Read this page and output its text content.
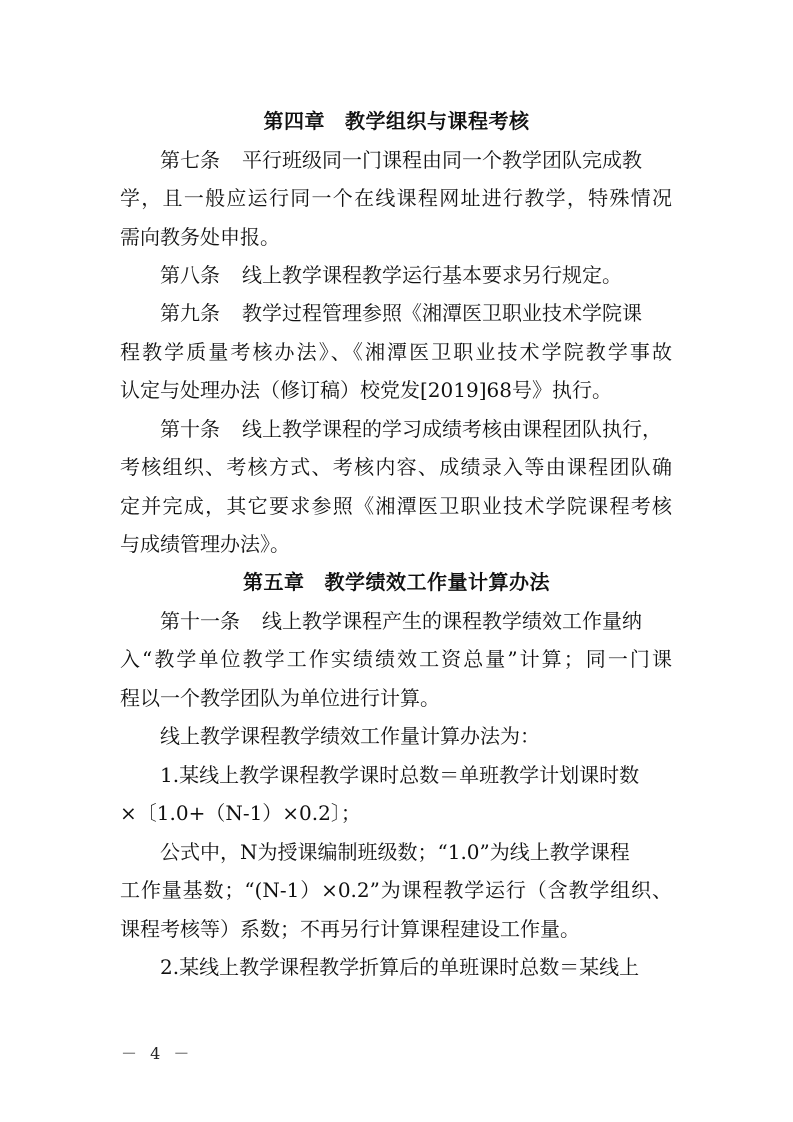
第四章 教学组织与课程考核

第七条 平行班级同一门课程由同一个教学团队完成教

学，且一般应运行同一个在线课程网址进行教学，特殊情况

需向教务处申报。

第八条 线上教学课程教学运行基本要求另行规定。

第九条 教学过程管理参照《湘潭医卫职业技术学院课

程教学质量考核办法》、《湘潭医卫职业技术学院教学事故

认定与处理办法（修订稿）校党发[2019]68号》执行。

第十条 线上教学课程的学习成绩考核由课程团队执行，

考核组织、考核方式、考核内容、成绩录入等由课程团队确

定并完成，其它要求参照《湘潭医卫职业技术学院课程考核

与成绩管理办法》。

第五章 教学绩效工作量计算办法

第十一条 线上教学课程产生的课程教学绩效工作量纳

入“教学单位教学工作实绩绩效工资总量”计算；同一门课

程以一个教学团队为单位进行计算。

线上教学课程教学绩效工作量计算办法为：

1.某线上教学课程教学课时总数＝单班教学计划课时数

×〔1.0+（N-1）×0.2〕；

公式中，N为授课编制班级数；“1.0”为线上教学课程

工作量基数；“(N-1）×0.2”为课程教学运行（含教学组织、

课程考核等）系数；不再另行计算课程建设工作量。

2.某线上教学课程教学折算后的单班课时总数＝某线上

－ 4 －
